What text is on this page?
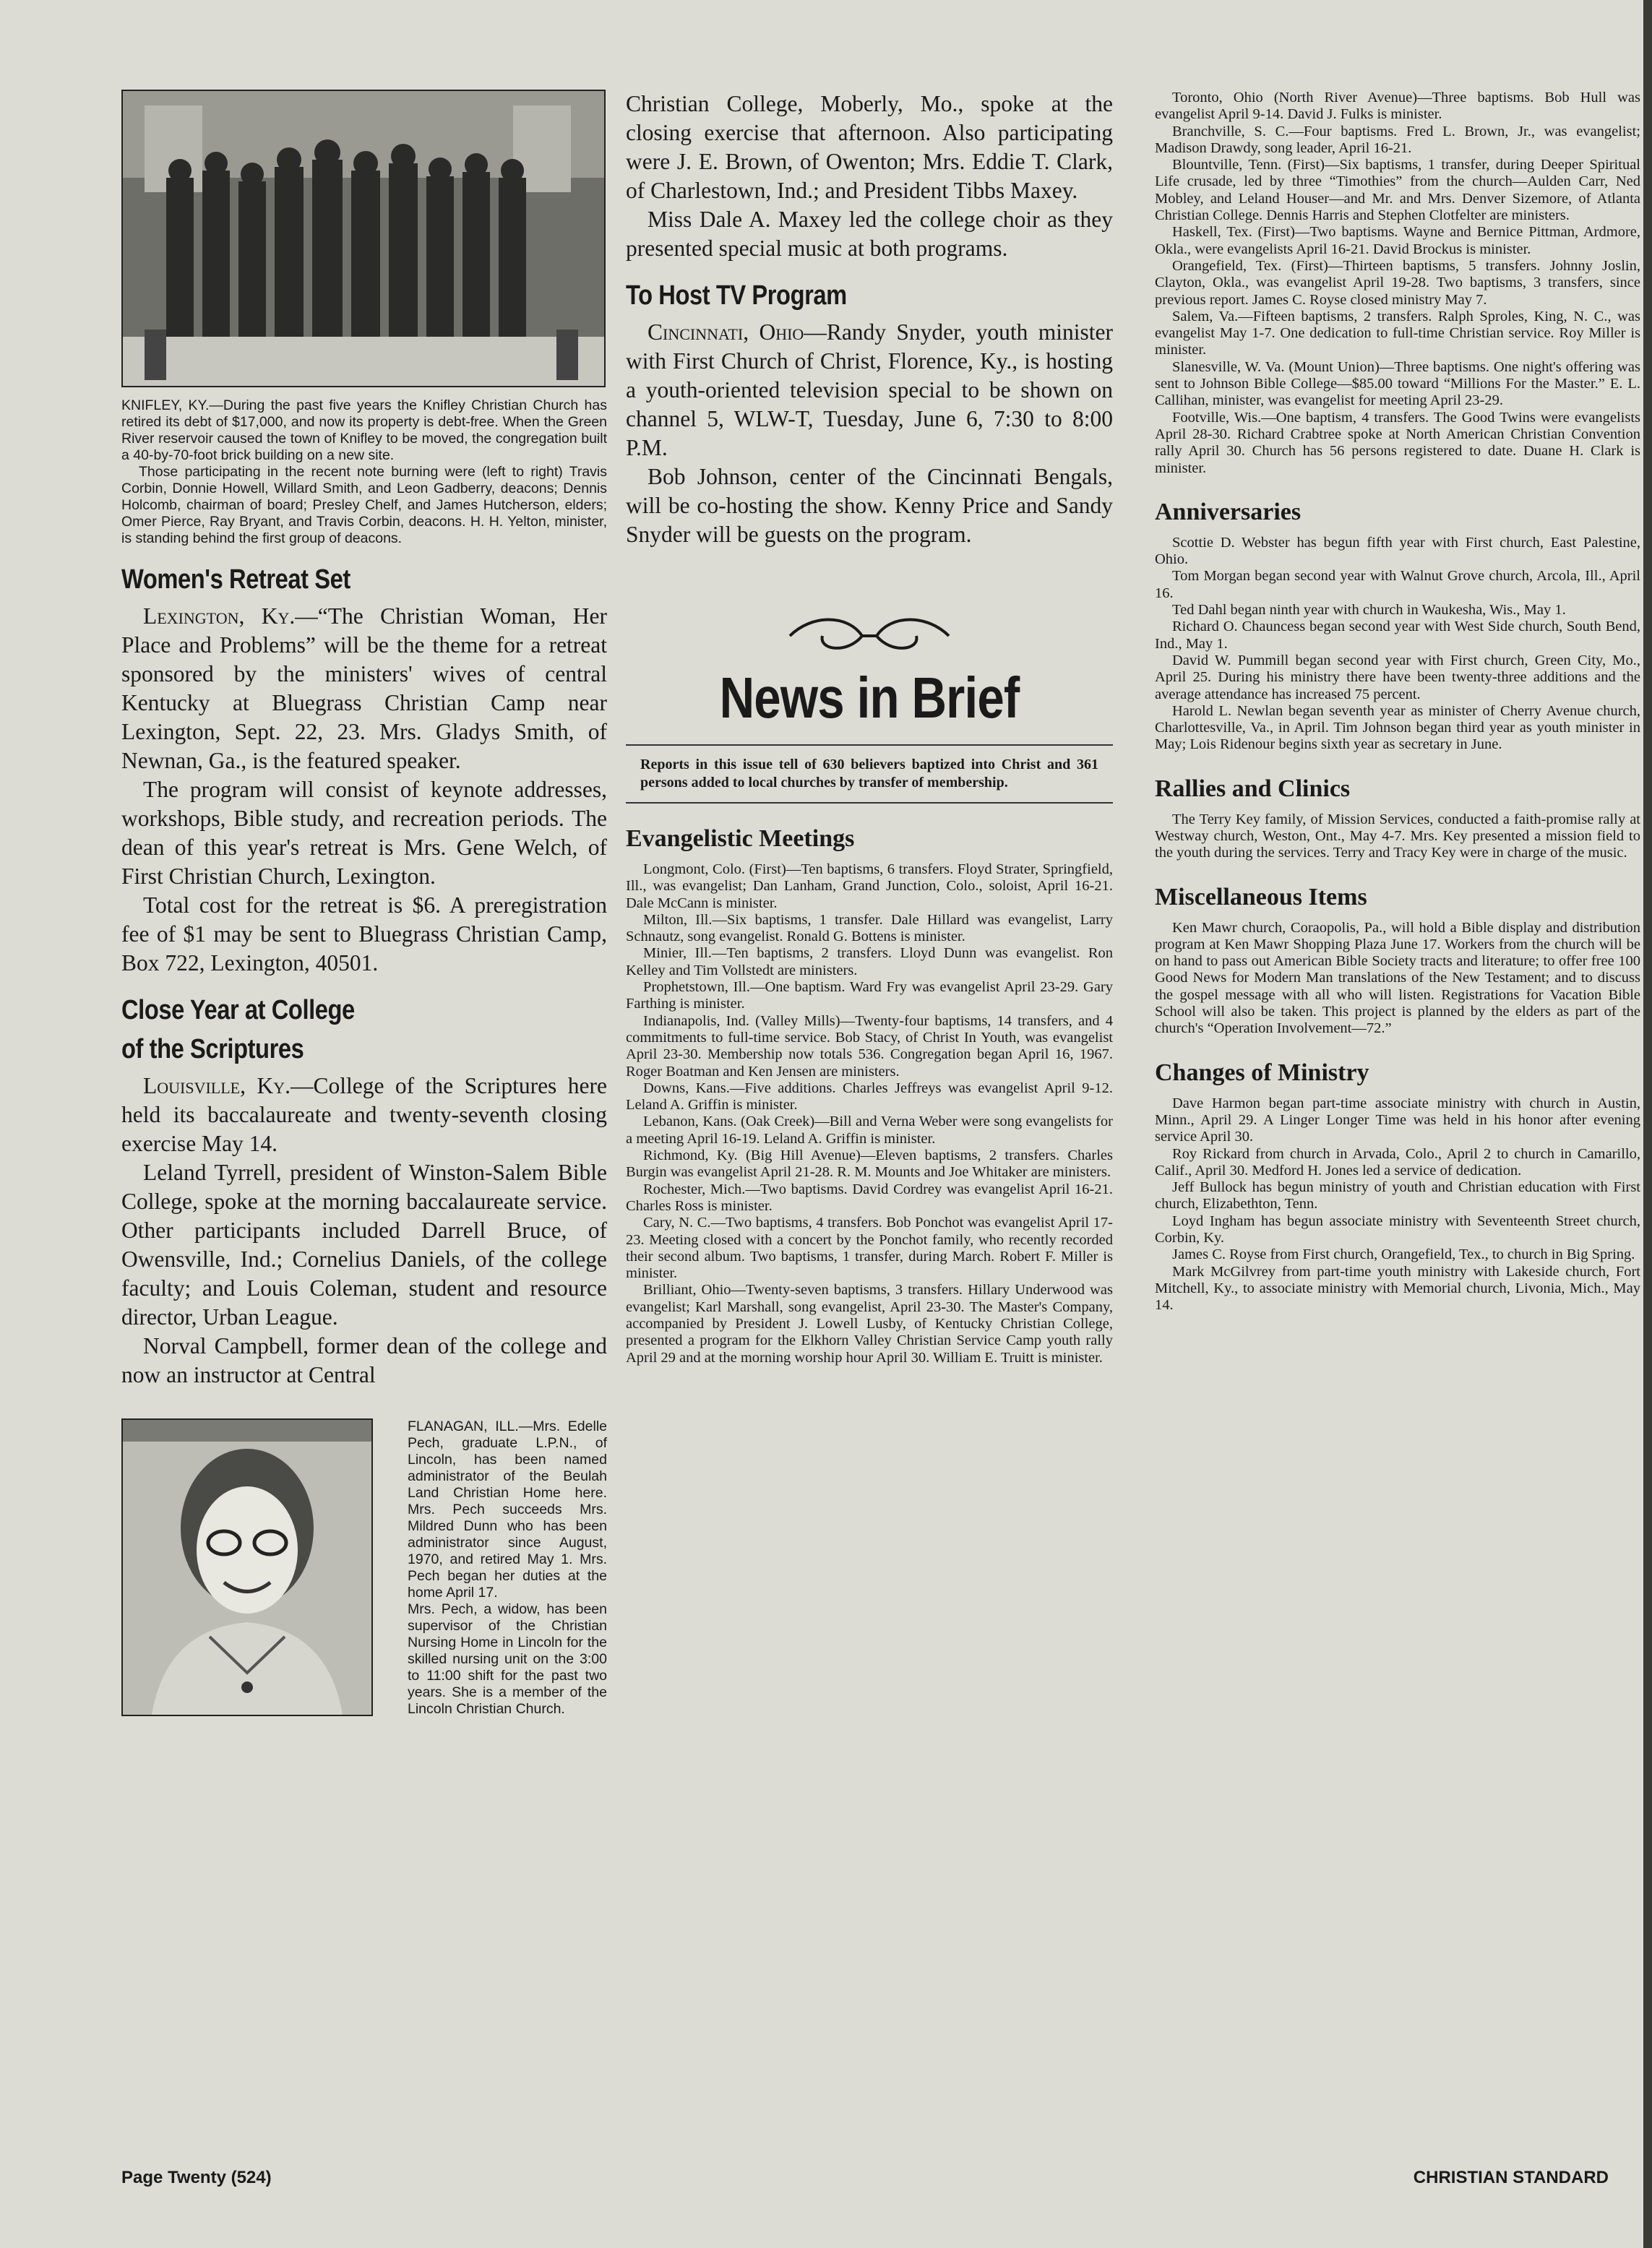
KNIFLEY, KY.—During the past five years the Knifley Christian Church has retired its debt of $17,000, and now its property is debt-free. When the Green River reservoir caused the town of Knifley to be moved, the congregation built a 40-by-70-foot brick building on a new site.

Those participating in the recent note burning were (left to right) Travis Corbin, Donnie Howell, Willard Smith, and Leon Gadberry, deacons; Dennis Holcomb, chairman of board; Presley Chelf, and James Hutcherson, elders; Omer Pierce, Ray Bryant, and Travis Corbin, deacons. H. H. Yelton, minister, is standing behind the first group of deacons.

Women's Retreat Set

Lexington, Ky.—“The Christian Woman, Her Place and Problems” will be the theme for a retreat sponsored by the ministers' wives of central Kentucky at Bluegrass Christian Camp near Lexington, Sept. 22, 23. Mrs. Gladys Smith, of Newnan, Ga., is the featured speaker.

The program will consist of keynote addresses, workshops, Bible study, and recreation periods. The dean of this year's retreat is Mrs. Gene Welch, of First Christian Church, Lexington.

Total cost for the retreat is $6. A preregistration fee of $1 may be sent to Bluegrass Christian Camp, Box 722, Lexington, 40501.

Close Year at College
of the Scriptures

Louisville, Ky.—College of the Scriptures here held its baccalaureate and twenty-seventh closing exercise May 14.

Leland Tyrrell, president of Winston-Salem Bible College, spoke at the morning baccalaureate service. Other participants included Darrell Bruce, of Owensville, Ind.; Cornelius Daniels, of the college faculty; and Louis Coleman, student and resource director, Urban League.

Norval Campbell, former dean of the college and now an instructor at Central

FLANAGAN, ILL.—Mrs. Edelle Pech, graduate L.P.N., of Lincoln, has been named administrator of the Beulah Land Christian Home here. Mrs. Pech succeeds Mrs. Mildred Dunn who has been administrator since August, 1970, and retired May 1. Mrs. Pech began her duties at the home April 17.

Mrs. Pech, a widow, has been supervisor of the Christian Nursing Home in Lincoln for the skilled nursing unit on the 3:00 to 11:00 shift for the past two years. She is a member of the Lincoln Christian Church.

Christian College, Moberly, Mo., spoke at the closing exercise that afternoon. Also participating were J. E. Brown, of Owenton; Mrs. Eddie T. Clark, of Charlestown, Ind.; and President Tibbs Maxey.

Miss Dale A. Maxey led the college choir as they presented special music at both programs.

To Host TV Program

Cincinnati, Ohio—Randy Snyder, youth minister with First Church of Christ, Florence, Ky., is hosting a youth-oriented television special to be shown on channel 5, WLW-T, Tuesday, June 6, 7:30 to 8:00 P.M.

Bob Johnson, center of the Cincinnati Bengals, will be co-hosting the show. Kenny Price and Sandy Snyder will be guests on the program.

News in Brief
Reports in this issue tell of 630 believers baptized into Christ and 361 persons added to local churches by transfer of membership.
Evangelistic Meetings

Longmont, Colo. (First)—Ten baptisms, 6 transfers. Floyd Strater, Springfield, Ill., was evangelist; Dan Lanham, Grand Junction, Colo., soloist, April 16-21. Dale McCann is minister.

Milton, Ill.—Six baptisms, 1 transfer. Dale Hillard was evangelist, Larry Schnautz, song evangelist. Ronald G. Bottens is minister.

Minier, Ill.—Ten baptisms, 2 transfers. Lloyd Dunn was evangelist. Ron Kelley and Tim Vollstedt are ministers.

Prophetstown, Ill.—One baptism. Ward Fry was evangelist April 23-29. Gary Farthing is minister.

Indianapolis, Ind. (Valley Mills)—Twenty-four baptisms, 14 transfers, and 4 commitments to full-time service. Bob Stacy, of Christ In Youth, was evangelist April 23-30. Membership now totals 536. Congregation began April 16, 1967. Roger Boatman and Ken Jensen are ministers.

Downs, Kans.—Five additions. Charles Jeffreys was evangelist April 9-12. Leland A. Griffin is minister.

Lebanon, Kans. (Oak Creek)—Bill and Verna Weber were song evangelists for a meeting April 16-19. Leland A. Griffin is minister.

Richmond, Ky. (Big Hill Avenue)—Eleven baptisms, 2 transfers. Charles Burgin was evangelist April 21-28. R. M. Mounts and Joe Whitaker are ministers.

Rochester, Mich.—Two baptisms. David Cordrey was evangelist April 16-21. Charles Ross is minister.

Cary, N. C.—Two baptisms, 4 transfers. Bob Ponchot was evangelist April 17-23. Meeting closed with a concert by the Ponchot family, who recently recorded their second album. Two baptisms, 1 transfer, during March. Robert F. Miller is minister.

Brilliant, Ohio—Twenty-seven baptisms, 3 transfers. Hillary Underwood was evangelist; Karl Marshall, song evangelist, April 23-30. The Master's Company, accompanied by President J. Lowell Lusby, of Kentucky Christian College, presented a program for the Elkhorn Valley Christian Service Camp youth rally April 29 and at the morning worship hour April 30. William E. Truitt is minister.

Toronto, Ohio (North River Avenue)—Three baptisms. Bob Hull was evangelist April 9-14. David J. Fulks is minister.

Branchville, S. C.—Four baptisms. Fred L. Brown, Jr., was evangelist; Madison Drawdy, song leader, April 16-21.

Blountville, Tenn. (First)—Six baptisms, 1 transfer, during Deeper Spiritual Life crusade, led by three “Timothies” from the church—Aulden Carr, Ned Mobley, and Leland Houser—and Mr. and Mrs. Denver Sizemore, of Atlanta Christian College. Dennis Harris and Stephen Clotfelter are ministers.

Haskell, Tex. (First)—Two baptisms. Wayne and Bernice Pittman, Ardmore, Okla., were evangelists April 16-21. David Brockus is minister.

Orangefield, Tex. (First)—Thirteen baptisms, 5 transfers. Johnny Joslin, Clayton, Okla., was evangelist April 19-28. Two baptisms, 3 transfers, since previous report. James C. Royse closed ministry May 7.

Salem, Va.—Fifteen baptisms, 2 transfers. Ralph Sproles, King, N. C., was evangelist May 1-7. One dedication to full-time Christian service. Roy Miller is minister.

Slanesville, W. Va. (Mount Union)—Three baptisms. One night's offering was sent to Johnson Bible College—$85.00 toward “Millions For the Master.” E. L. Callihan, minister, was evangelist for meeting April 23-29.

Footville, Wis.—One baptism, 4 transfers. The Good Twins were evangelists April 28-30. Richard Crabtree spoke at North American Christian Convention rally April 30. Church has 56 persons registered to date. Duane H. Clark is minister.

Anniversaries

Scottie D. Webster has begun fifth year with First church, East Palestine, Ohio.

Tom Morgan began second year with Walnut Grove church, Arcola, Ill., April 16.

Ted Dahl began ninth year with church in Waukesha, Wis., May 1.

Richard O. Chauncess began second year with West Side church, South Bend, Ind., May 1.

David W. Pummill began second year with First church, Green City, Mo., April 25. During his ministry there have been twenty-three additions and the average attendance has increased 75 percent.

Harold L. Newlan began seventh year as minister of Cherry Avenue church, Charlottesville, Va., in April. Tim Johnson began third year as youth minister in May; Lois Ridenour begins sixth year as secretary in June.

Rallies and Clinics

The Terry Key family, of Mission Services, conducted a faith-promise rally at Westway church, Weston, Ont., May 4-7. Mrs. Key presented a mission field to the youth during the services. Terry and Tracy Key were in charge of the music.

Miscellaneous Items

Ken Mawr church, Coraopolis, Pa., will hold a Bible display and distribution program at Ken Mawr Shopping Plaza June 17. Workers from the church will be on hand to pass out American Bible Society tracts and literature; to offer free 100 Good News for Modern Man translations of the New Testament; and to discuss the gospel message with all who will listen. Registrations for Vacation Bible School will also be taken. This project is planned by the elders as part of the church's “Operation Involvement—72.”

Changes of Ministry

Dave Harmon began part-time associate ministry with church in Austin, Minn., April 29. A Linger Longer Time was held in his honor after evening service April 30.

Roy Rickard from church in Arvada, Colo., April 2 to church in Camarillo, Calif., April 30. Medford H. Jones led a service of dedication.

Jeff Bullock has begun ministry of youth and Christian education with First church, Elizabethton, Tenn.

Loyd Ingham has begun associate ministry with Seventeenth Street church, Corbin, Ky.

James C. Royse from First church, Orangefield, Tex., to church in Big Spring.

Mark McGilvrey from part-time youth ministry with Lakeside church, Fort Mitchell, Ky., to associate ministry with Memorial church, Livonia, Mich., May 14.

Page Twenty (524)	CHRISTIAN STANDARD
